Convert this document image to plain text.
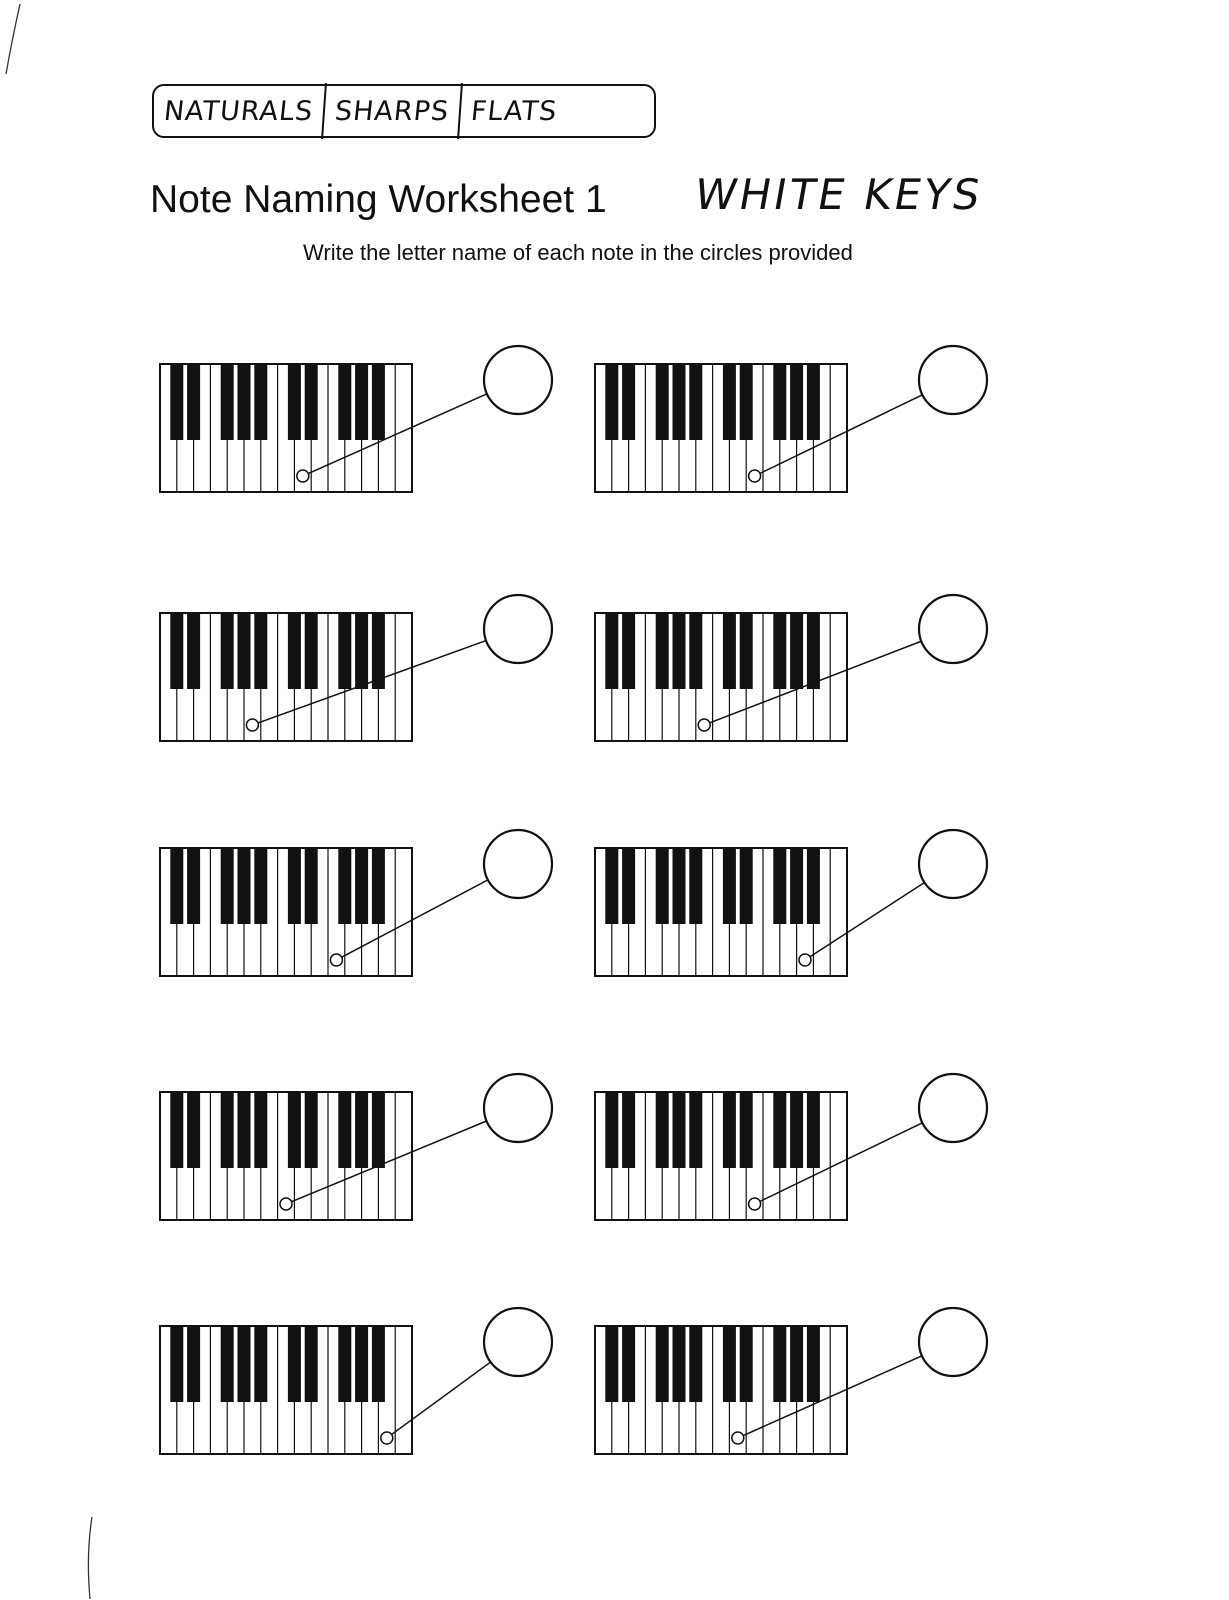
NATURALS SHARPS FLATS
Note Naming Worksheet 1 WHITE KEYS
Write the letter name of each note in the circles provided
